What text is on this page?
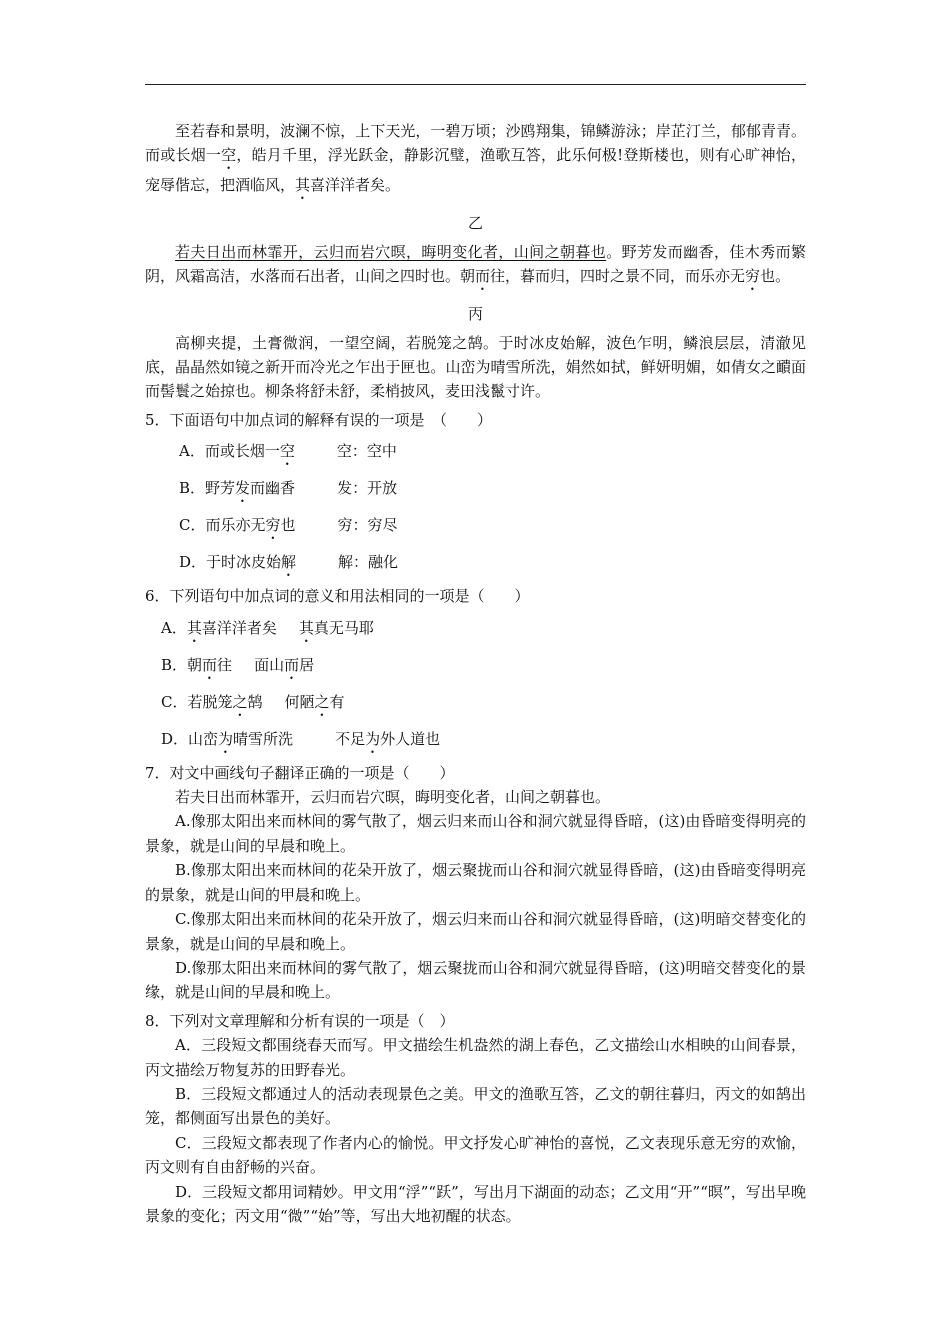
至若春和景明，波澜不惊，上下天光，一碧万顷；沙鸥翔集，锦鳞游泳；岸芷汀兰，郁郁青青。而或长烟一空，皓月千里，浮光跃金，静影沉璧，渔歌互答，此乐何极!登斯楼也，则有心旷神怡，宠辱偕忘，把酒临风，其喜洋洋者矣。

乙

若夫日出而林霏开，云归而岩穴暝，晦明变化者，山间之朝暮也。野芳发而幽香，佳木秀而繁阴，风霜高洁，水落而石出者，山间之四时也。朝而往，暮而归，四时之景不同，而乐亦无穷也。

丙

高柳夹提，土膏微润，一望空阔，若脱笼之鹄。于时冰皮始解，波色乍明，鳞浪层层，清澈见底，晶晶然如镜之新开而冷光之乍出于匣也。山峦为晴雪所洗，娟然如拭，鲜妍明媚，如倩女之靧面而髻鬟之始掠也。柳条将舒未舒，柔梢披风，麦田浅鬣寸许。

5．下面语句中加点词的解释有误的一项是　（　　）

A．而或长烟一空	空：空中

B．野芳发而幽香	发：开放

C．而乐亦无穷也	穷：穷尽

D．于时冰皮始解	解：融化

6．下列语句中加点词的意义和用法相同的一项是（　　）

A．其喜洋洋者矣 其真无马耶

B．朝而往 面山而居

C．若脱笼之鹄 何陋之有

D．山峦为晴雪所洗	不足为外人道也

7．对文中画线句子翻译正确的一项是（　　）

若夫日出而林霏开，云归而岩穴暝，晦明变化者，山间之朝暮也。

A.像那太阳出来而林间的雾气散了，烟云归来而山谷和洞穴就显得昏暗，(这)由昏暗变得明亮的景象，就是山间的早晨和晚上。

B.像那太阳出来而林间的花朵开放了，烟云聚拢而山谷和洞穴就显得昏暗，(这)由昏暗变得明亮的景象，就是山间的甲晨和晚上。

C.像那太阳出来而林间的花朵开放了，烟云归来而山谷和洞穴就显得昏暗，(这)明暗交替变化的景象，就是山间的早晨和晚上。

D.像那太阳出来而林间的雾气散了，烟云聚拢而山谷和洞穴就显得昏暗，(这)明暗交替变化的景缘，就是山间的早晨和晚上。

8．下列对文章理解和分析有误的一项是（　）

A．三段短文都围绕春天而写。甲文描绘生机盎然的湖上春色，乙文描绘山水相映的山间春景，丙文描绘万物复苏的田野春光。

B．三段短文都通过人的活动表现景色之美。甲文的渔歌互答，乙文的朝往暮归，丙文的如鹄出笼，都侧面写出景色的美好。

C．三段短文都表现了作者内心的愉悦。甲文抒发心旷神怡的喜悦，乙文表现乐意无穷的欢愉，丙文则有自由舒畅的兴奋。

D．三段短文都用词精妙。甲文用“浮”“跃”，写出月下湖面的动态；乙文用“开”“暝”，写出早晚景象的变化；丙文用“微”“始”等，写出大地初醒的状态。
